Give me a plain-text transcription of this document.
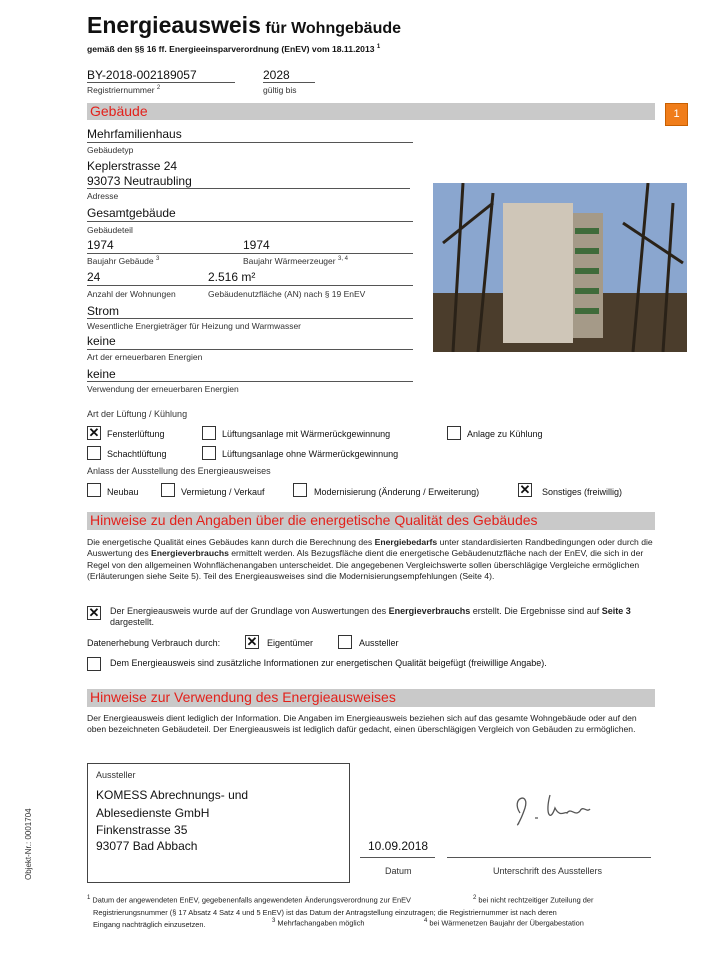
Energieausweis für Wohngebäude
gemäß den §§ 16 ff. Energieeinsparverordnung (EnEV) vom 18.11.2013 $^1$
BY-2018-002189057
Registriernummer $^2$
2028
gültig bis
Gebäude	1
Mehrfamilienhaus
Gebäudetyp
Keplerstrasse 24
93073 Neutraubling
Adresse
Gesamtgebäude
Gebäudeteil
1974	1974
Baujahr Gebäude $^3$	Baujahr Wärmeerzeuger $^{3, 4}$
24	2.516 m²
Anzahl der Wohnungen	Gebäudenutzfläche (AN) nach § 19 EnEV
Strom
Wesentliche Energieträger für Heizung und Warmwasser
keine
Art der erneuerbaren Energien
keine
Verwendung der erneuerbaren Energien
Art der Lüftung / Kühlung
✕ Fensterlüftung	Lüftungsanlage mit Wärmerückgewinnung	Anlage zu Kühlung
Schachtlüftung	Lüftungsanlage ohne Wärmerückgewinnung
Anlass der Ausstellung des Energieausweises
Neubau	Vermietung / Verkauf	Modernisierung (Änderung / Erweiterung)	✕ Sonstiges (freiwillig)
Hinweise zu den Angaben über die energetische Qualität des Gebäudes
Die energetische Qualität eines Gebäudes kann durch die Berechnung des Energiebedarfs unter standardisierten Randbedingungen oder durch die Auswertung des Energieverbrauchs ermittelt werden. Als Bezugsfläche dient die energetische Gebäudenutzfläche nach der EnEV, die sich in der Regel von den allgemeinen Wohnflächenangaben unterscheidet. Die angegebenen Vergleichswerte sollen überschlägige Vergleiche ermöglichen (Erläuterungen siehe Seite 5). Teil des Energieausweises sind die Modernisierungsempfehlungen (Seite 4).
✕ Der Energieausweis wurde auf der Grundlage von Auswertungen des Energieverbrauchs erstellt. Die Ergebnisse sind auf Seite 3 dargestellt.
Datenerhebung Verbrauch durch: ✕ Eigentümer	Aussteller
Dem Energieausweis sind zusätzliche Informationen zur energetischen Qualität beigefügt (freiwillige Angabe).
Hinweise zur Verwendung des Energieausweises
Der Energieausweis dient lediglich der Information. Die Angaben im Energieausweis beziehen sich auf das gesamte Wohngebäude oder auf den oben bezeichneten Gebäudeteil. Der Energieausweis ist lediglich dafür gedacht, einen überschlägigen Vergleich von Gebäuden zu ermöglichen.
Aussteller
KOMESS Abrechnungs- und
Ablesedienste GmbH
Finkenstrasse 35
93077 Bad Abbach	10.09.2018
Datum	Unterschrift des Ausstellers
Objekt-Nr.: 0001704
$^1$ Datum der angewendeten EnEV, gegebenenfalls angewendeten Änderungsverordnung zur EnEV	$^2$ bei nicht rechtzeitiger Zuteilung der
Registrierungsnummer (§ 17 Absatz 4 Satz 4 und 5 EnEV) ist das Datum der Antragstellung einzutragen; die Registriernummer ist nach deren
Eingang nachträglich einzusetzen.	$^3$ Mehrfachangaben möglich	$^4$ bei Wärmenetzen Baujahr der Übergabestation
